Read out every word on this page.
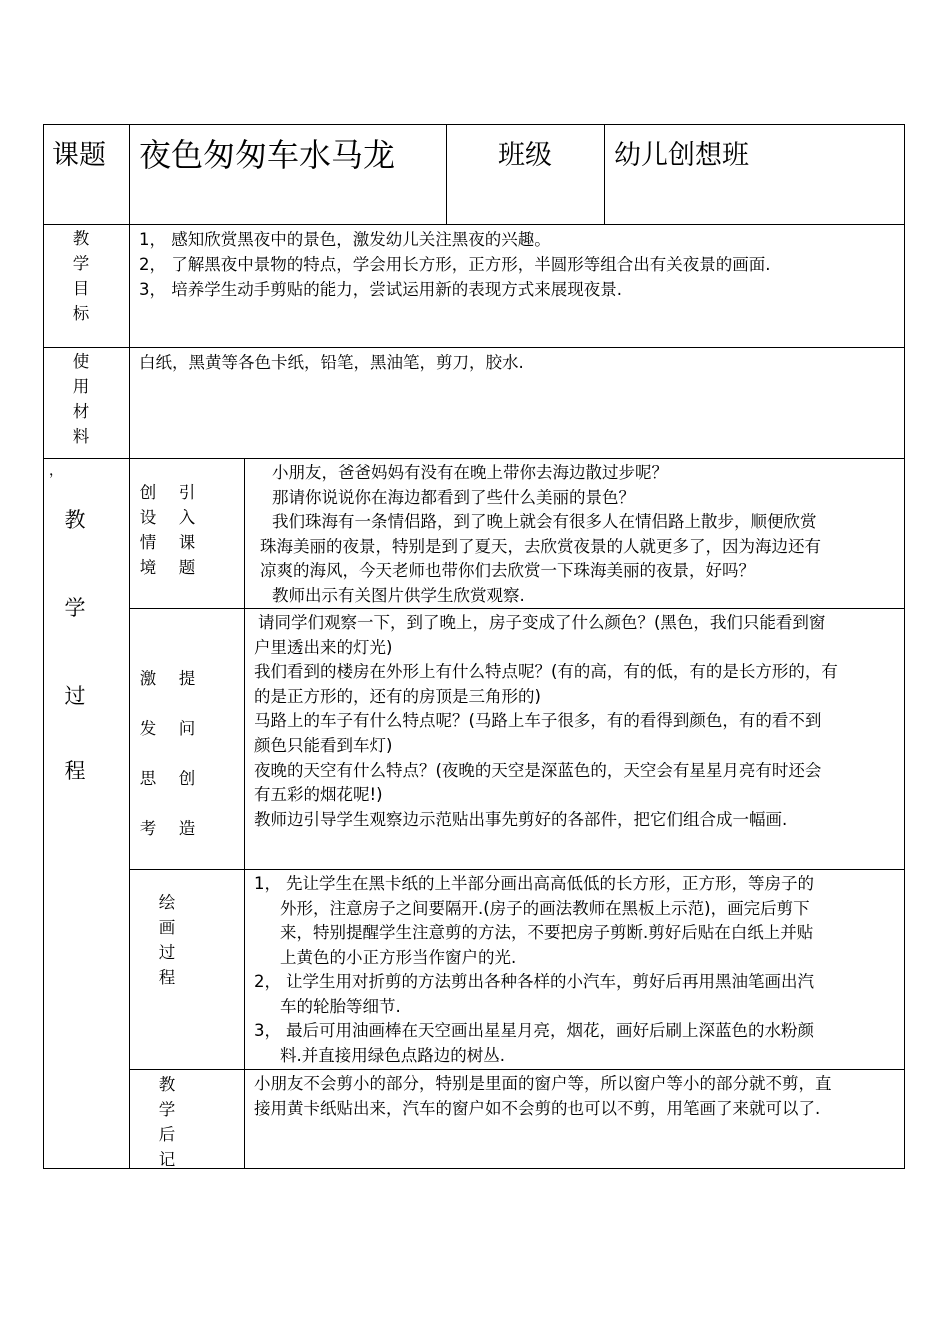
课题 夜色匆匆车水马龙	班级 幼儿创想班
教
学
目
标
1， 感知欣赏黑夜中的景色，激发幼儿关注黑夜的兴趣。
2， 了解黑夜中景物的特点，学会用长方形，正方形，半圆形等组合出有关夜景的画面.
3， 培养学生动手剪贴的能力，尝试运用新的表现方式来展现夜景.
使
用
材
料
白纸，黑黄等各色卡纸，铅笔，黑油笔，剪刀，胶水.
，
教
学
过
程
创
设
情
境
引
入
课
题
小朋友，爸爸妈妈有没有在晚上带你去海边散过步呢？
那请你说说你在海边都看到了些什么美丽的景色？
我们珠海有一条情侣路，到了晚上就会有很多人在情侣路上散步，顺便欣赏
珠海美丽的夜景，特别是到了夏天，去欣赏夜景的人就更多了，因为海边还有
凉爽的海风，今天老师也带你们去欣赏一下珠海美丽的夜景，好吗？
教师出示有关图片供学生欣赏观察.
激
发
思
考
提
问
创
造
请同学们观察一下，到了晚上，房子变成了什么颜色？(黑色，我们只能看到窗
户里透出来的灯光)
我们看到的楼房在外形上有什么特点呢？(有的高，有的低，有的是长方形的，有
的是正方形的，还有的房顶是三角形的)
马路上的车子有什么特点呢？(马路上车子很多，有的看得到颜色，有的看不到
颜色只能看到车灯)
夜晚的天空有什么特点？(夜晚的天空是深蓝色的，天空会有星星月亮有时还会
有五彩的烟花呢!)
教师边引导学生观察边示范贴出事先剪好的各部件，把它们组合成一幅画.
绘
画
过
程
1， 先让学生在黑卡纸的上半部分画出高高低低的长方形，正方形，等房子的
外形，注意房子之间要隔开.(房子的画法教师在黑板上示范)，画完后剪下
来，特别提醒学生注意剪的方法，不要把房子剪断.剪好后贴在白纸上并贴
上黄色的小正方形当作窗户的光.
2， 让学生用对折剪的方法剪出各种各样的小汽车，剪好后再用黑油笔画出汽
车的轮胎等细节.
3， 最后可用油画棒在天空画出星星月亮，烟花，画好后刷上深蓝色的水粉颜
料.并直接用绿色点路边的树丛.
教
学
后
记
小朋友不会剪小的部分，特别是里面的窗户等，所以窗户等小的部分就不剪，直
接用黄卡纸贴出来，汽车的窗户如不会剪的也可以不剪，用笔画了来就可以了.
